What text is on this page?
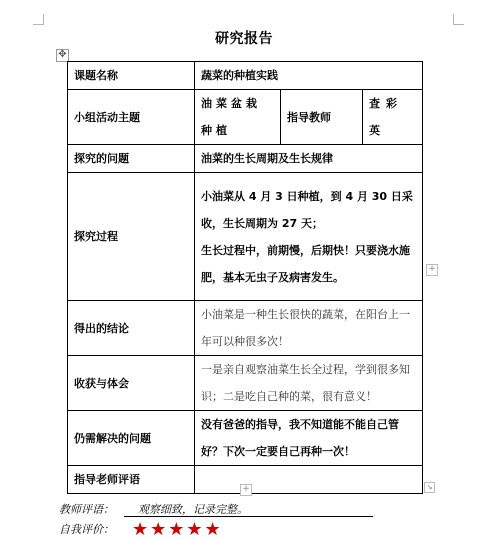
研究报告
✥
课题名称	蔬菜的种植实践		
小组活动主题	油菜盆栽种植	指导教师	査彩英
探究的问题	油菜的生长周期及生长规律		
探究过程	小油菜从 4 月 3 日种植，到 4 月 30 日采收，生长周期为 27 天；
生长过程中，前期慢，后期快！只要浇水施肥，基本无虫子及病害发生。		

得出的结论	小油菜是一种生长很快的蔬菜，在阳台上一年可以种很多次！		
收获与体会	一是亲自观察油菜生长全过程，学到很多知识；二是吃自己种的菜，很有意义！		
仍需解决的问题	没有爸爸的指导，我不知道能不能自己管好？下次一定要自己再种一次！		
指导老师评语			
+
+	↘
教师评语： 观察细致，记录完整。
自我评价： ★★★★★
